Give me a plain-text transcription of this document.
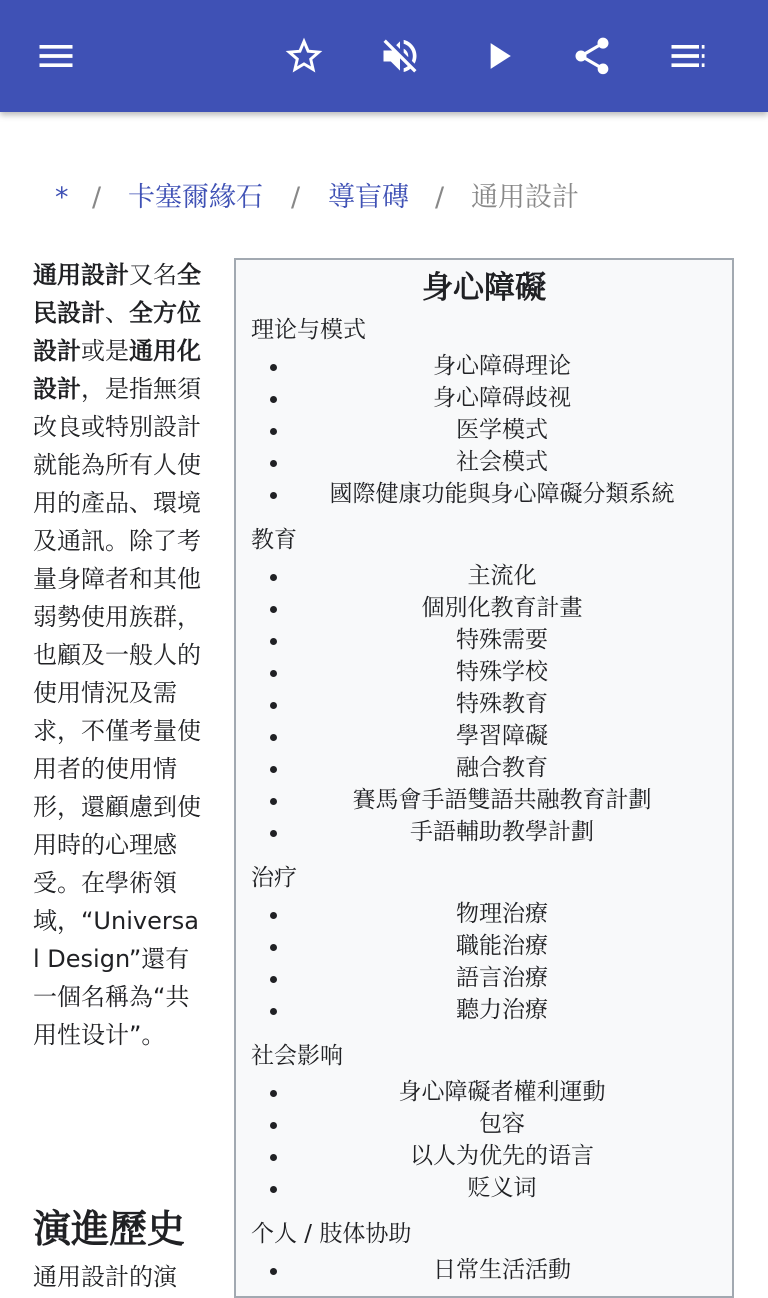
* / 卡塞爾緣石 / 導盲磚 / 通用設計
通用設計又名全民設計、全方位設計或是通用化設計，是指無須改良或特別設計就能為所有人使用的產品、環境及通訊。除了考量身障者和其他弱勢使用族群，也顧及一般人的使用情況及需求，不僅考量使用者的使用情形，還顧慮到使用時的心理感受。在學術領域，“Universal Design”還有一個名稱為“共用性设计”。
演進歷史
通用設計的演
身心障礙
理论与模式
身心障碍理论
身心障碍歧视
医学模式
社会模式
國際健康功能與身心障礙分類系統
教育
主流化
個別化教育計畫
特殊需要
特殊学校
特殊教育
學習障礙
融合教育
賽馬會手語雙語共融教育計劃
手語輔助教學計劃
治疗
物理治療
職能治療
語言治療
聽力治療
社会影响
身心障礙者權利運動
包容
以人为优先的语言
贬义词
个人 / 肢体协助
日常生活活動
